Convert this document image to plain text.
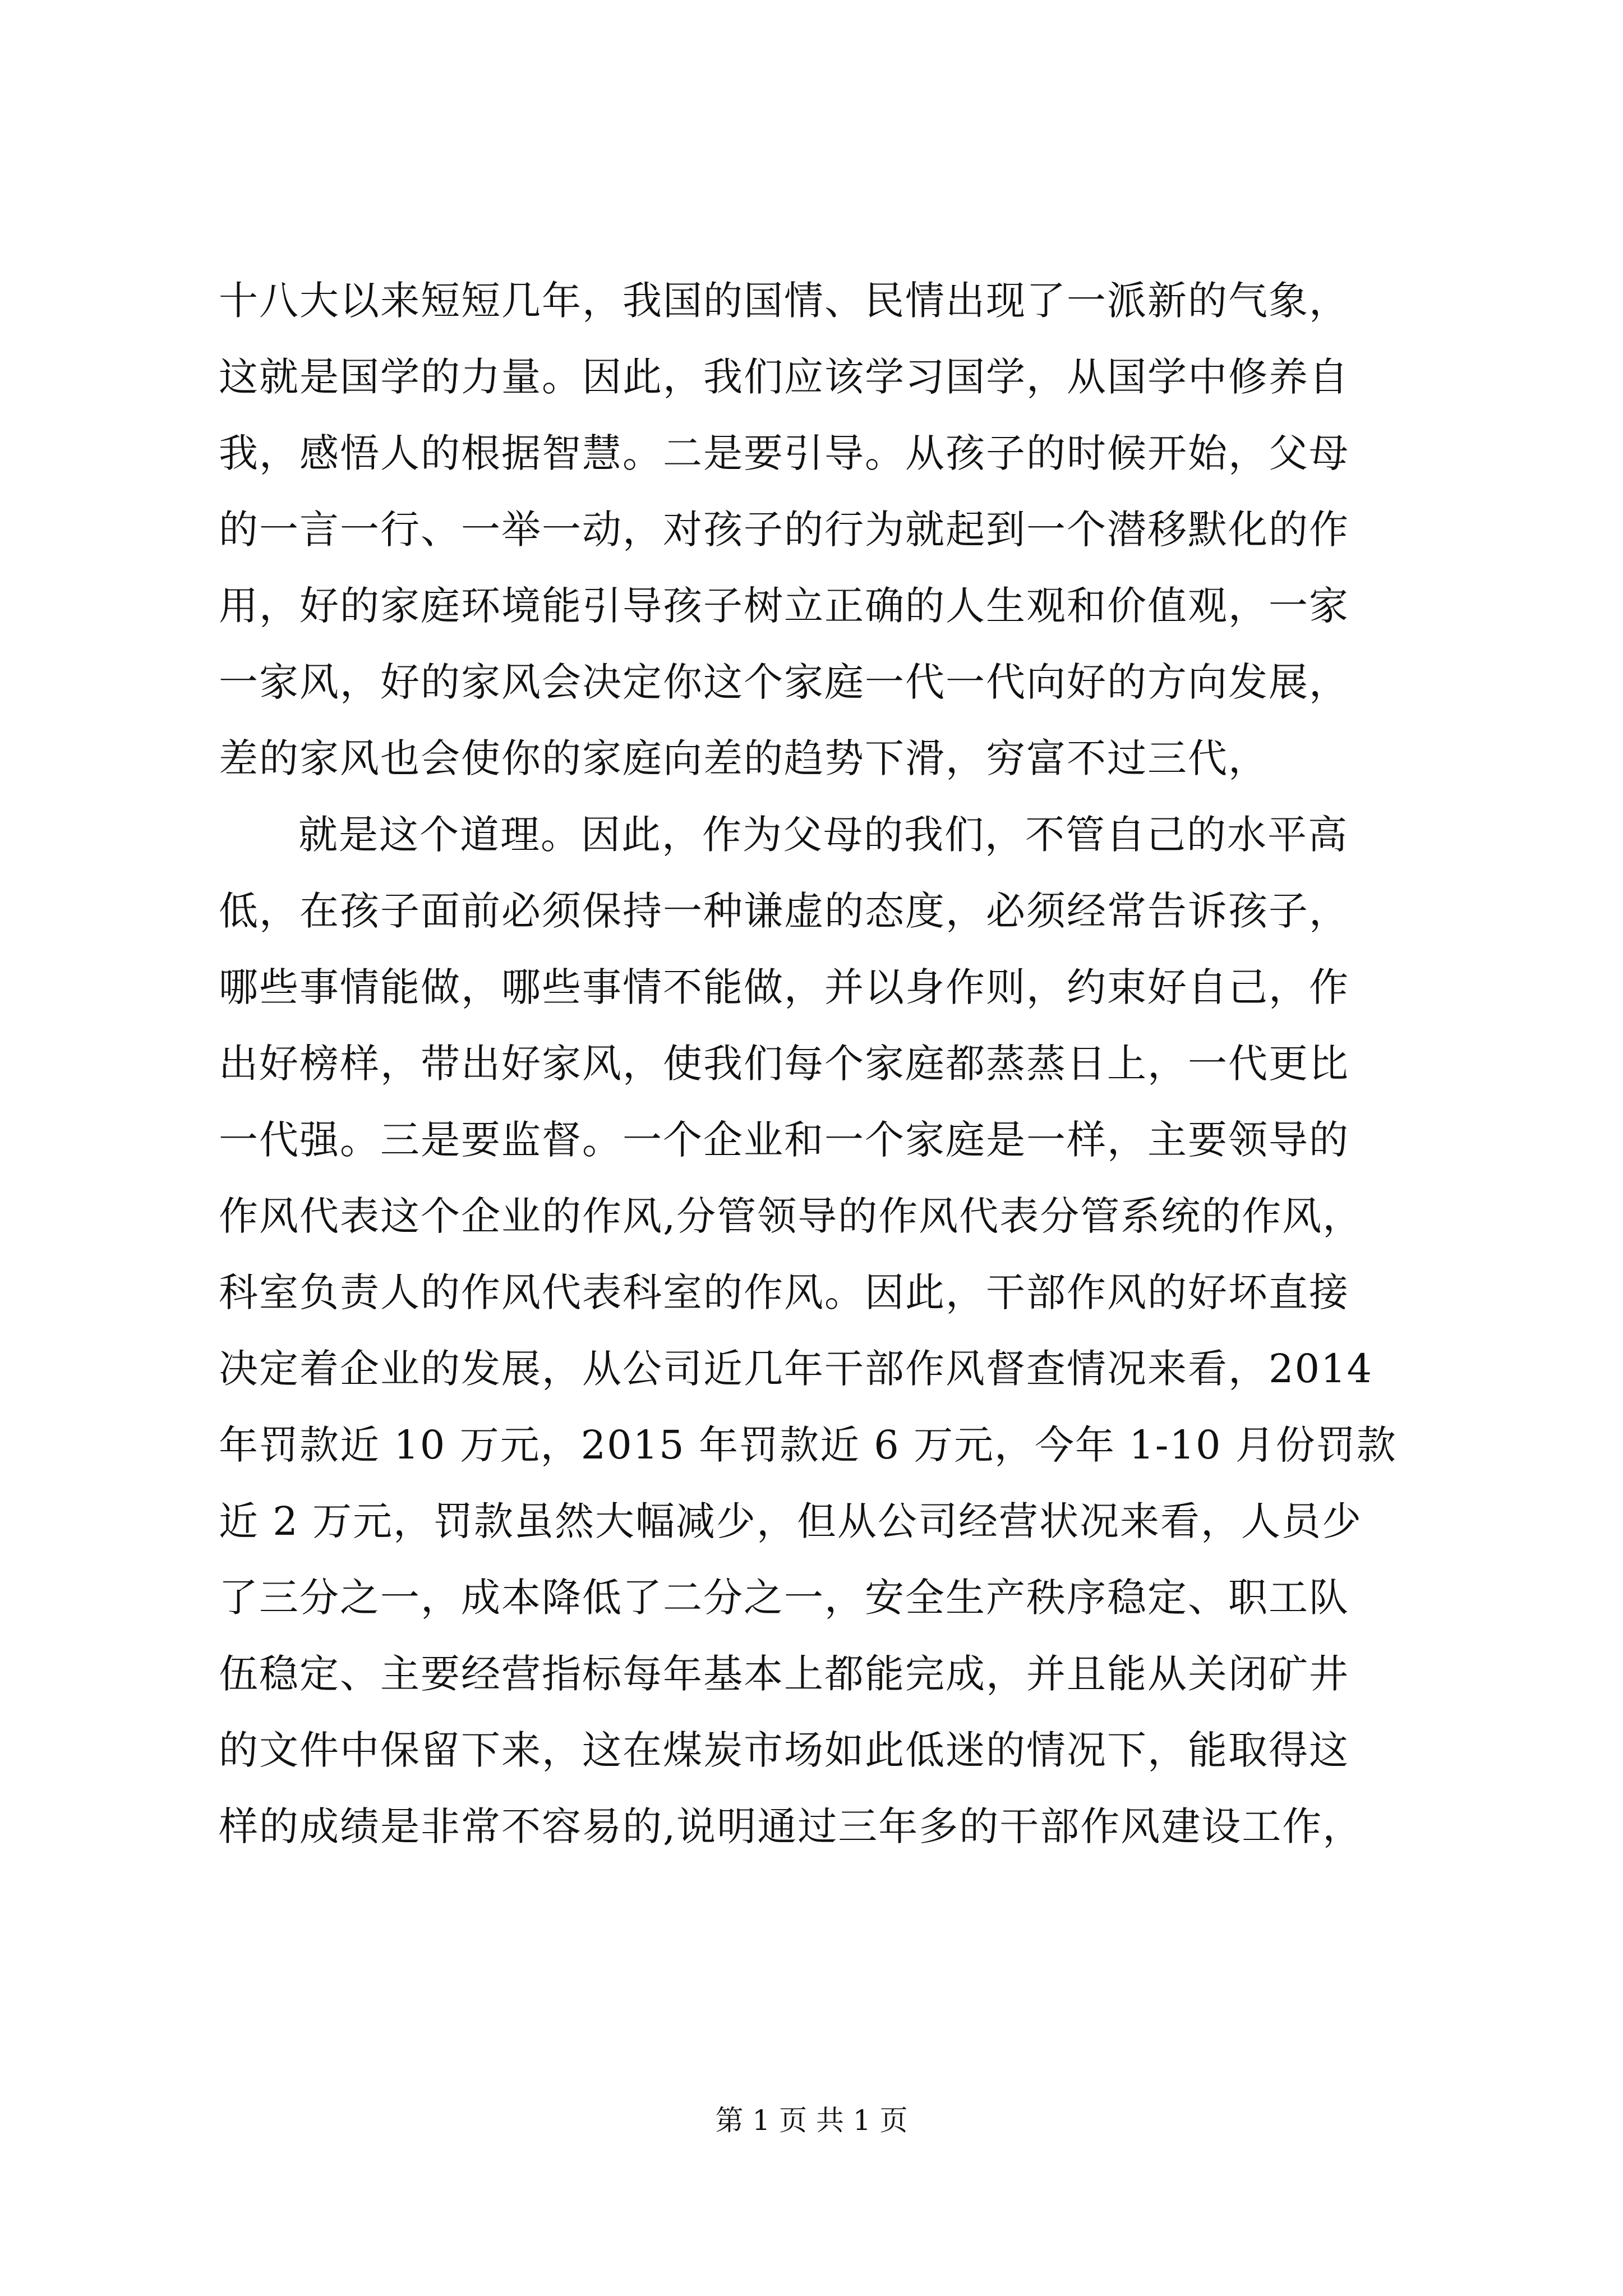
十八大以来短短几年，我国的国情、民情出现了一派新的气象，
这就是国学的力量。因此，我们应该学习国学，从国学中修养自
我，感悟人的根据智慧。二是要引导。从孩子的时候开始，父母
的一言一行、一举一动，对孩子的行为就起到一个潜移默化的作
用，好的家庭环境能引导孩子树立正确的人生观和价值观，一家
一家风，好的家风会决定你这个家庭一代一代向好的方向发展，
差的家风也会使你的家庭向差的趋势下滑，穷富不过三代，
就是这个道理。因此，作为父母的我们，不管自己的水平高
低，在孩子面前必须保持一种谦虚的态度，必须经常告诉孩子，
哪些事情能做，哪些事情不能做，并以身作则，约束好自己，作
出好榜样，带出好家风，使我们每个家庭都蒸蒸日上，一代更比
一代强。三是要监督。一个企业和一个家庭是一样，主要领导的
作风代表这个企业的作风,分管领导的作风代表分管系统的作风，
科室负责人的作风代表科室的作风。因此，干部作风的好坏直接
决定着企业的发展，从公司近几年干部作风督查情况来看，2014
年罚款近 10 万元，2015 年罚款近 6 万元，今年 1-10 月份罚款
近 2 万元，罚款虽然大幅减少，但从公司经营状况来看，人员少
了三分之一，成本降低了二分之一，安全生产秩序稳定、职工队
伍稳定、主要经营指标每年基本上都能完成，并且能从关闭矿井
的文件中保留下来，这在煤炭市场如此低迷的情况下，能取得这
样的成绩是非常不容易的,说明通过三年多的干部作风建设工作，
第 1 页 共 1 页
